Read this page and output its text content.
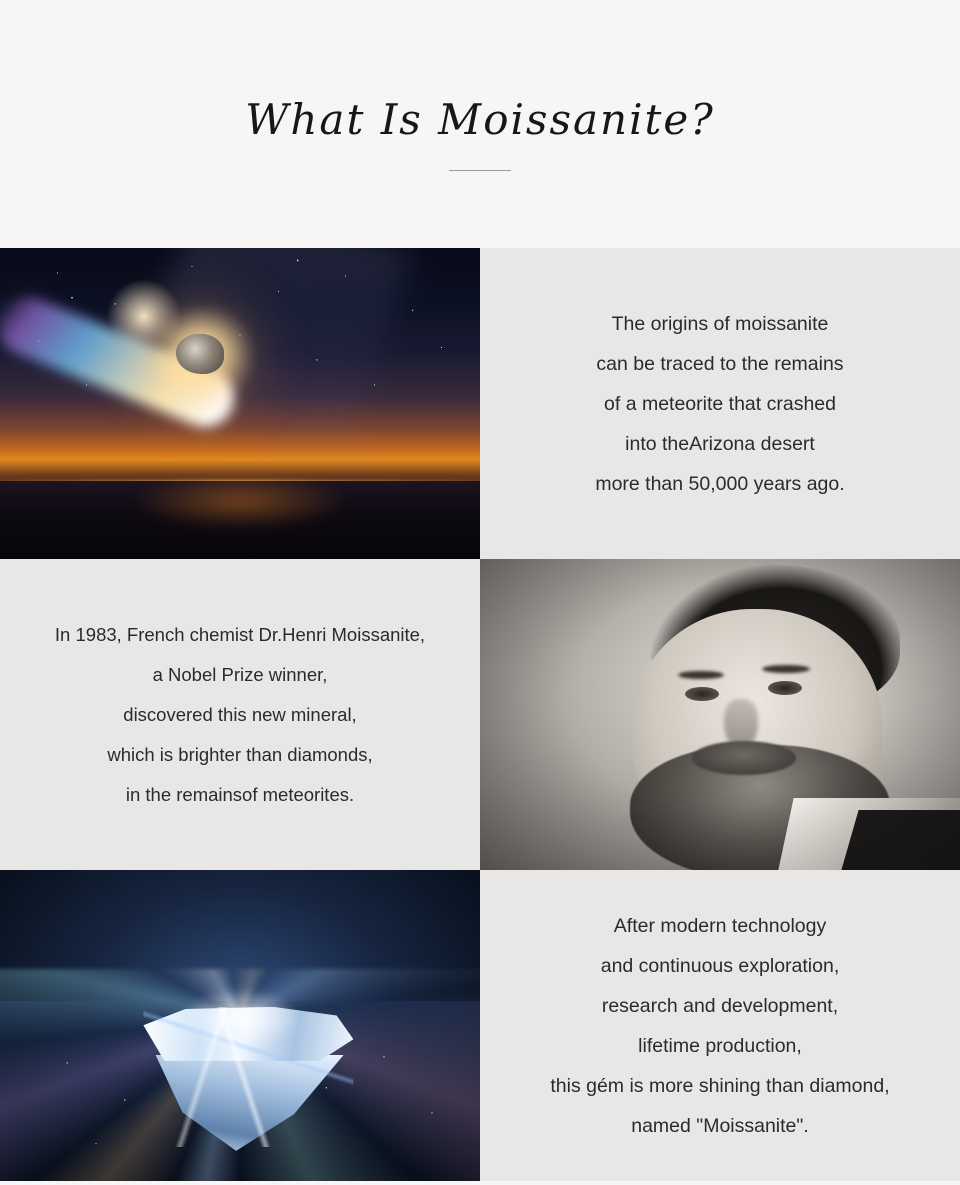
What Is Moissanite?

The origins of moissanite

can be traced to the remains

of a meteorite that crashed

into theArizona desert

more than 50,000 years ago.

In 1983, French chemist Dr.Henri Moissanite,

a Nobel Prize winner,

discovered this new mineral,

which is brighter than diamonds,

in the remainsof meteorites.

After modern technology

and continuous exploration,

research and development,

lifetime production,

this gém is more shining than diamond,

named "Moissanite".
